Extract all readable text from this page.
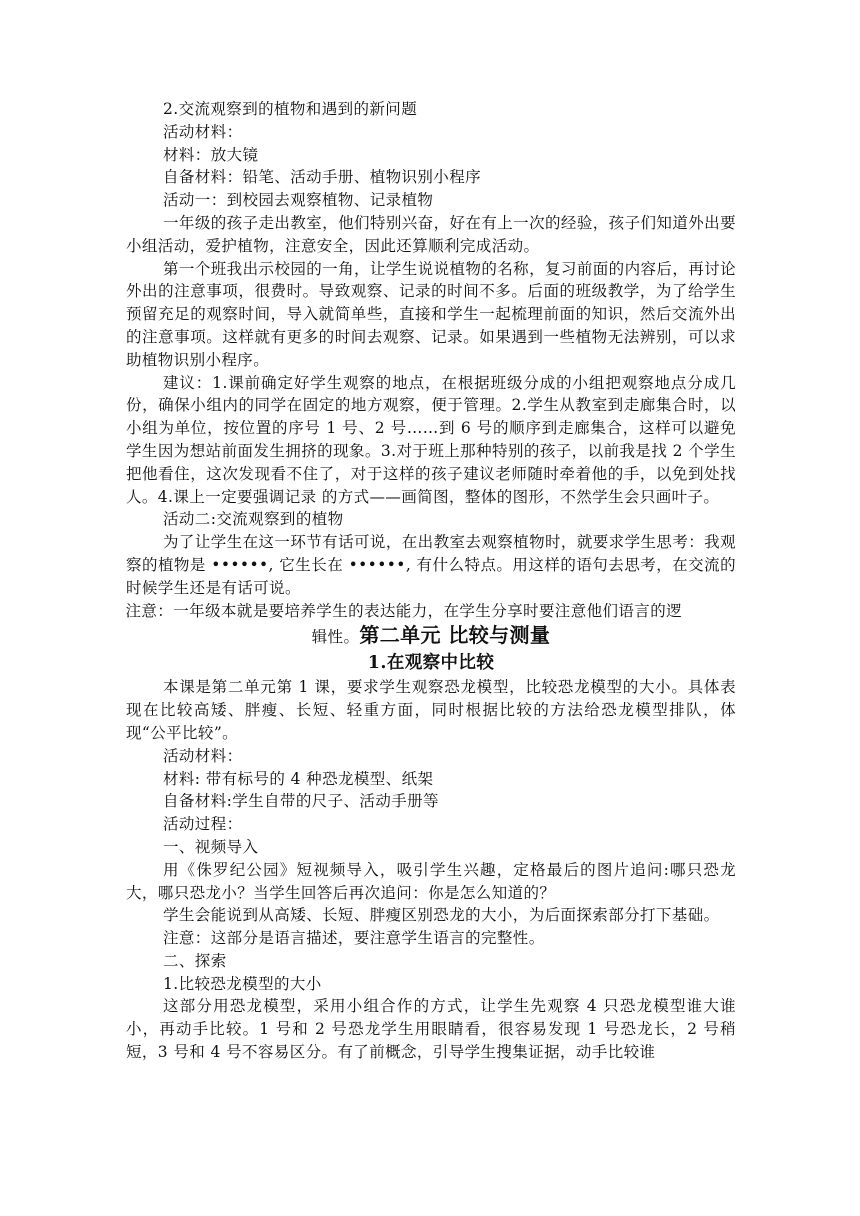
2.交流观察到的植物和遇到的新问题

活动材料：

材料：放大镜

自备材料：铅笔、活动手册、植物识别小程序

活动一：到校园去观察植物、记录植物

一年级的孩子走出教室，他们特别兴奋，好在有上一次的经验，孩子们知道外出要小组活动，爱护植物，注意安全，因此还算顺利完成活动。

第一个班我出示校园的一角，让学生说说植物的名称，复习前面的内容后，再讨论外出的注意事项，很费时。导致观察、记录的时间不多。后面的班级教学，为了给学生预留充足的观察时间，导入就简单些，直接和学生一起梳理前面的知识，然后交流外出的注意事项。这样就有更多的时间去观察、记录。如果遇到一些植物无法辨别，可以求助植物识别小程序。

建议：1.课前确定好学生观察的地点，在根据班级分成的小组把观察地点分成几份，确保小组内的同学在固定的地方观察，便于管理。2.学生从教室到走廊集合时，以小组为单位，按位置的序号 1 号、2 号……到 6 号的顺序到走廊集合，这样可以避免学生因为想站前面发生拥挤的现象。3.对于班上那种特别的孩子，以前我是找 2 个学生把他看住，这次发现看不住了，对于这样的孩子建议老师随时牵着他的手，以免到处找人。4.课上一定要强调记录 的方式——画简图，整体的图形，不然学生会只画叶子。

活动二:交流观察到的植物

为了让学生在这一环节有话可说，在出教室去观察植物时，就要求学生思考：我观察的植物是 ••••••, 它生长在 ••••••, 有什么特点。用这样的语句去思考，在交流的时候学生还是有话可说。

注意：一年级本就是要培养学生的表达能力，在学生分享时要注意他们语言的逻

辑性。第二单元 比较与测量

1.在观察中比较

本课是第二单元第 1 课，要求学生观察恐龙模型，比较恐龙模型的大小。具体表现在比较高矮、胖瘦、长短、轻重方面，同时根据比较的方法给恐龙模型排队，体现“公平比较”。

活动材料：

材料: 带有标号的 4 种恐龙模型、纸架

自备材料:学生自带的尺子、活动手册等

活动过程：

一、视频导入

用《侏罗纪公园》短视频导入，吸引学生兴趣，定格最后的图片追问:哪只恐龙大，哪只恐龙小？当学生回答后再次追问：你是怎么知道的？

学生会能说到从高矮、长短、胖瘦区别恐龙的大小，为后面探索部分打下基础。

注意：这部分是语言描述，要注意学生语言的完整性。

二、探索

1.比较恐龙模型的大小

这部分用恐龙模型，采用小组合作的方式，让学生先观察 4 只恐龙模型谁大谁小，再动手比较。1 号和 2 号恐龙学生用眼睛看，很容易发现 1 号恐龙长，2 号稍短，3 号和 4 号不容易区分。有了前概念，引导学生搜集证据，动手比较谁
